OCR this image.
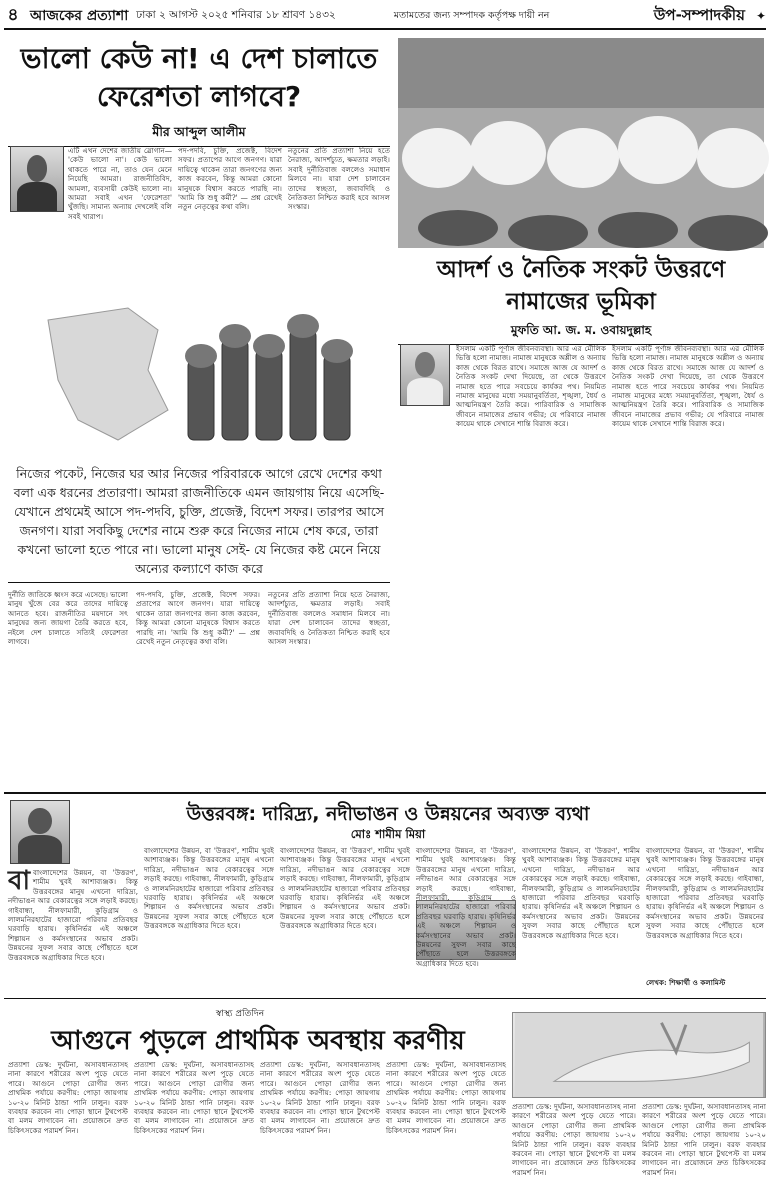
৪ আজকের প্রত্যাশা ঢাকা ২ আগস্ট ২০২৫ শনিবার ১৮ শ্রাবণ ১৪৩২	মতামতের জন্য সম্পাদক কর্তৃপক্ষ দায়ী নন	উপ-সম্পাদকীয় ✦
ভালো কেউ না! এ দেশ চালাতে ফেরেশতা লাগবে?
মীর আব্দুল আলীম
এটি এখন দেশের জাতীয় স্লোগান— 'কেউ ভালো না'। কেউ ভালো থাকতে পারে না, তাও যেন মেনে নিয়েছি আমরা। রাজনীতিবিদ, আমলা, ব্যবসায়ী কেউই ভালো না। আমরা সবাই এখন 'ফেরেশতা' খুঁজছি। সামান্য অন্যায় দেখলেই বলি সবই খারাপ।
পদ-পদবি, চুক্তি, প্রজেক্ট, বিদেশ সফর। প্রতাপের আগে জনগণ। যারা দায়িত্বে থাকেন তারা জনগণের জন্য কাজ করবেন, কিন্তু আমরা কোনো মানুষকে বিশ্বাস করতে পারছি না। 'আমি কি শুধু কর্মী?' — প্রশ্ন রেখেই নতুন নেতৃত্বের কথা বলি।
নতুনের প্রতি প্রত্যাশা নিয়ে হতে নৈরাজ্য, আদর্শচ্যুত, ক্ষমতার লড়াই। সবাই দুর্নীতিবাজ বললেও সমাধান মিলবে না। যারা দেশ চালাবেন তাদের স্বচ্ছতা, জবাবদিহি ও নৈতিকতা নিশ্চিত করাই হবে আসল সংস্কার।
নিজের পকেট, নিজের ঘর আর নিজের পরিবারকে আগে রেখে দেশের কথা বলা এক ধরনের প্রতারণা। আমরা রাজনীতিকে এমন জায়গায় নিয়ে এসেছি- যেখানে প্রথমেই আসে পদ-পদবি, চুক্তি, প্রজেক্ট, বিদেশ সফর। তারপর আসে জনগণ। যারা সবকিছু দেশের নামে শুরু করে নিজের নামে শেষ করে, তারা কখনো ভালো হতে পারে না। ভালো মানুষ সেই- যে নিজের কষ্ট মেনে নিয়ে অন্যের কল্যাণে কাজ করে
দুর্নীতি জাতিকে ধ্বংস করে এসেছে। ভালো মানুষ খুঁজে বের করে তাদের দায়িত্বে আনতে হবে। রাজনীতির ময়দানে সৎ মানুষের জন্য জায়গা তৈরি করতে হবে, নইলে দেশ চালাতে সত্যিই ফেরেশতা লাগবে।
পদ-পদবি, চুক্তি, প্রজেক্ট, বিদেশ সফর। প্রতাপের আগে জনগণ। যারা দায়িত্বে থাকেন তারা জনগণের জন্য কাজ করবেন, কিন্তু আমরা কোনো মানুষকে বিশ্বাস করতে পারছি না। 'আমি কি শুধু কর্মী?' — প্রশ্ন রেখেই নতুন নেতৃত্বের কথা বলি।
নতুনের প্রতি প্রত্যাশা নিয়ে হতে নৈরাজ্য, আদর্শচ্যুত, ক্ষমতার লড়াই। সবাই দুর্নীতিবাজ বললেও সমাধান মিলবে না। যারা দেশ চালাবেন তাদের স্বচ্ছতা, জবাবদিহি ও নৈতিকতা নিশ্চিত করাই হবে আসল সংস্কার।
আদর্শ ও নৈতিক সংকট উত্তরণে নামাজের ভূমিকা
মুফতি আ. জ. ম. ওবায়দুল্লাহ
ইসলাম একটি পূর্ণাঙ্গ জীবনব্যবস্থা। আর এর মৌলিক ভিত্তি হলো নামাজ। নামাজ মানুষকে অশ্লীল ও অন্যায় কাজ থেকে বিরত রাখে। সমাজে আজ যে আদর্শ ও নৈতিক সংকট দেখা দিয়েছে, তা থেকে উত্তরণে নামাজ হতে পারে সবচেয়ে কার্যকর পথ। নিয়মিত নামাজ মানুষের মধ্যে সময়ানুবর্তিতা, শৃঙ্খলা, ধৈর্য ও আত্মনিয়ন্ত্রণ তৈরি করে। পারিবারিক ও সামাজিক জীবনে নামাজের প্রভাব গভীর; যে পরিবারে নামাজ কায়েম থাকে সেখানে শান্তি বিরাজ করে।
ইসলাম একটি পূর্ণাঙ্গ জীবনব্যবস্থা। আর এর মৌলিক ভিত্তি হলো নামাজ। নামাজ মানুষকে অশ্লীল ও অন্যায় কাজ থেকে বিরত রাখে। সমাজে আজ যে আদর্শ ও নৈতিক সংকট দেখা দিয়েছে, তা থেকে উত্তরণে নামাজ হতে পারে সবচেয়ে কার্যকর পথ। নিয়মিত নামাজ মানুষের মধ্যে সময়ানুবর্তিতা, শৃঙ্খলা, ধৈর্য ও আত্মনিয়ন্ত্রণ তৈরি করে। পারিবারিক ও সামাজিক জীবনে নামাজের প্রভাব গভীর; যে পরিবারে নামাজ কায়েম থাকে সেখানে শান্তি বিরাজ করে।
উত্তরবঙ্গ: দারিদ্র্য, নদীভাঙন ও উন্নয়নের অব্যক্ত ব্যথা
মোঃ শামীম মিয়া
বাবাংলাদেশের উন্নয়ন, বা 'উত্তরণ', শামীম খুবই আশাব্যঞ্জক। কিন্তু উত্তরবঙ্গের মানুষ এখনো দারিদ্র্য, নদীভাঙন আর বেকারত্বের সঙ্গে লড়াই করছে। গাইবান্ধা, নীলফামারী, কুড়িগ্রাম ও লালমনিরহাটের হাজারো পরিবার প্রতিবছর ঘরবাড়ি হারায়। কৃষিনির্ভর এই অঞ্চলে শিল্পায়ন ও কর্মসংস্থানের অভাব প্রকট। উন্নয়নের সুফল সবার কাছে পৌঁছাতে হলে উত্তরবঙ্গকে অগ্রাধিকার দিতে হবে।
বাংলাদেশের উন্নয়ন, বা 'উত্তরণ', শামীম খুবই আশাব্যঞ্জক। কিন্তু উত্তরবঙ্গের মানুষ এখনো দারিদ্র্য, নদীভাঙন আর বেকারত্বের সঙ্গে লড়াই করছে। গাইবান্ধা, নীলফামারী, কুড়িগ্রাম ও লালমনিরহাটের হাজারো পরিবার প্রতিবছর ঘরবাড়ি হারায়। কৃষিনির্ভর এই অঞ্চলে শিল্পায়ন ও কর্মসংস্থানের অভাব প্রকট। উন্নয়নের সুফল সবার কাছে পৌঁছাতে হলে উত্তরবঙ্গকে অগ্রাধিকার দিতে হবে।
বাংলাদেশের উন্নয়ন, বা 'উত্তরণ', শামীম খুবই আশাব্যঞ্জক। কিন্তু উত্তরবঙ্গের মানুষ এখনো দারিদ্র্য, নদীভাঙন আর বেকারত্বের সঙ্গে লড়াই করছে। গাইবান্ধা, নীলফামারী, কুড়িগ্রাম ও লালমনিরহাটের হাজারো পরিবার প্রতিবছর ঘরবাড়ি হারায়। কৃষিনির্ভর এই অঞ্চলে শিল্পায়ন ও কর্মসংস্থানের অভাব প্রকট। উন্নয়নের সুফল সবার কাছে পৌঁছাতে হলে উত্তরবঙ্গকে অগ্রাধিকার দিতে হবে।
বাংলাদেশের উন্নয়ন, বা 'উত্তরণ', শামীম খুবই আশাব্যঞ্জক। কিন্তু উত্তরবঙ্গের মানুষ এখনো দারিদ্র্য, নদীভাঙন আর বেকারত্বের সঙ্গে লড়াই করছে। গাইবান্ধা, নীলফামারী, কুড়িগ্রাম ও লালমনিরহাটের হাজারো পরিবার প্রতিবছর ঘরবাড়ি হারায়। কৃষিনির্ভর এই অঞ্চলে শিল্পায়ন ও কর্মসংস্থানের অভাব প্রকট। উন্নয়নের সুফল সবার কাছে পৌঁছাতে হলে উত্তরবঙ্গকে অগ্রাধিকার দিতে হবে।
বাংলাদেশের উন্নয়ন, বা 'উত্তরণ', শামীম খুবই আশাব্যঞ্জক। কিন্তু উত্তরবঙ্গের মানুষ এখনো দারিদ্র্য, নদীভাঙন আর বেকারত্বের সঙ্গে লড়াই করছে। গাইবান্ধা, নীলফামারী, কুড়িগ্রাম ও লালমনিরহাটের হাজারো পরিবার প্রতিবছর ঘরবাড়ি হারায়। কৃষিনির্ভর এই অঞ্চলে শিল্পায়ন ও কর্মসংস্থানের অভাব প্রকট। উন্নয়নের সুফল সবার কাছে পৌঁছাতে হলে উত্তরবঙ্গকে অগ্রাধিকার দিতে হবে।
বাংলাদেশের উন্নয়ন, বা 'উত্তরণ', শামীম খুবই আশাব্যঞ্জক। কিন্তু উত্তরবঙ্গের মানুষ এখনো দারিদ্র্য, নদীভাঙন আর বেকারত্বের সঙ্গে লড়াই করছে। গাইবান্ধা, নীলফামারী, কুড়িগ্রাম ও লালমনিরহাটের হাজারো পরিবার প্রতিবছর ঘরবাড়ি হারায়। কৃষিনির্ভর এই অঞ্চলে শিল্পায়ন ও কর্মসংস্থানের অভাব প্রকট। উন্নয়নের সুফল সবার কাছে পৌঁছাতে হলে উত্তরবঙ্গকে অগ্রাধিকার দিতে হবে।
লেখক: শিক্ষার্থী ও কলামিস্ট
স্বাস্থ্য প্রতিদিন
আগুনে পুড়লে প্রাথমিক অবস্থায় করণীয়
প্রত্যাশা ডেস্ক: দুর্ঘটনা, অসাবধানতাসহ নানা কারণে শরীরের অংশ পুড়ে যেতে পারে। আগুনে পোড়া রোগীর জন্য প্রাথমিক পর্যায়ে করণীয়: পোড়া জায়গায় ১০-২০ মিনিট ঠান্ডা পানি ঢালুন। বরফ ব্যবহার করবেন না। পোড়া স্থানে টুথপেস্ট বা মলম লাগাবেন না। প্রয়োজনে দ্রুত চিকিৎসকের পরামর্শ নিন।
প্রত্যাশা ডেস্ক: দুর্ঘটনা, অসাবধানতাসহ নানা কারণে শরীরের অংশ পুড়ে যেতে পারে। আগুনে পোড়া রোগীর জন্য প্রাথমিক পর্যায়ে করণীয়: পোড়া জায়গায় ১০-২০ মিনিট ঠান্ডা পানি ঢালুন। বরফ ব্যবহার করবেন না। পোড়া স্থানে টুথপেস্ট বা মলম লাগাবেন না। প্রয়োজনে দ্রুত চিকিৎসকের পরামর্শ নিন।
প্রত্যাশা ডেস্ক: দুর্ঘটনা, অসাবধানতাসহ নানা কারণে শরীরের অংশ পুড়ে যেতে পারে। আগুনে পোড়া রোগীর জন্য প্রাথমিক পর্যায়ে করণীয়: পোড়া জায়গায় ১০-২০ মিনিট ঠান্ডা পানি ঢালুন। বরফ ব্যবহার করবেন না। পোড়া স্থানে টুথপেস্ট বা মলম লাগাবেন না। প্রয়োজনে দ্রুত চিকিৎসকের পরামর্শ নিন।
প্রত্যাশা ডেস্ক: দুর্ঘটনা, অসাবধানতাসহ নানা কারণে শরীরের অংশ পুড়ে যেতে পারে। আগুনে পোড়া রোগীর জন্য প্রাথমিক পর্যায়ে করণীয়: পোড়া জায়গায় ১০-২০ মিনিট ঠান্ডা পানি ঢালুন। বরফ ব্যবহার করবেন না। পোড়া স্থানে টুথপেস্ট বা মলম লাগাবেন না। প্রয়োজনে দ্রুত চিকিৎসকের পরামর্শ নিন।
প্রত্যাশা ডেস্ক: দুর্ঘটনা, অসাবধানতাসহ নানা কারণে শরীরের অংশ পুড়ে যেতে পারে। আগুনে পোড়া রোগীর জন্য প্রাথমিক পর্যায়ে করণীয়: পোড়া জায়গায় ১০-২০ মিনিট ঠান্ডা পানি ঢালুন। বরফ ব্যবহার করবেন না। পোড়া স্থানে টুথপেস্ট বা মলম লাগাবেন না। প্রয়োজনে দ্রুত চিকিৎসকের পরামর্শ নিন।
প্রত্যাশা ডেস্ক: দুর্ঘটনা, অসাবধানতাসহ নানা কারণে শরীরের অংশ পুড়ে যেতে পারে। আগুনে পোড়া রোগীর জন্য প্রাথমিক পর্যায়ে করণীয়: পোড়া জায়গায় ১০-২০ মিনিট ঠান্ডা পানি ঢালুন। বরফ ব্যবহার করবেন না। পোড়া স্থানে টুথপেস্ট বা মলম লাগাবেন না। প্রয়োজনে দ্রুত চিকিৎসকের পরামর্শ নিন।
